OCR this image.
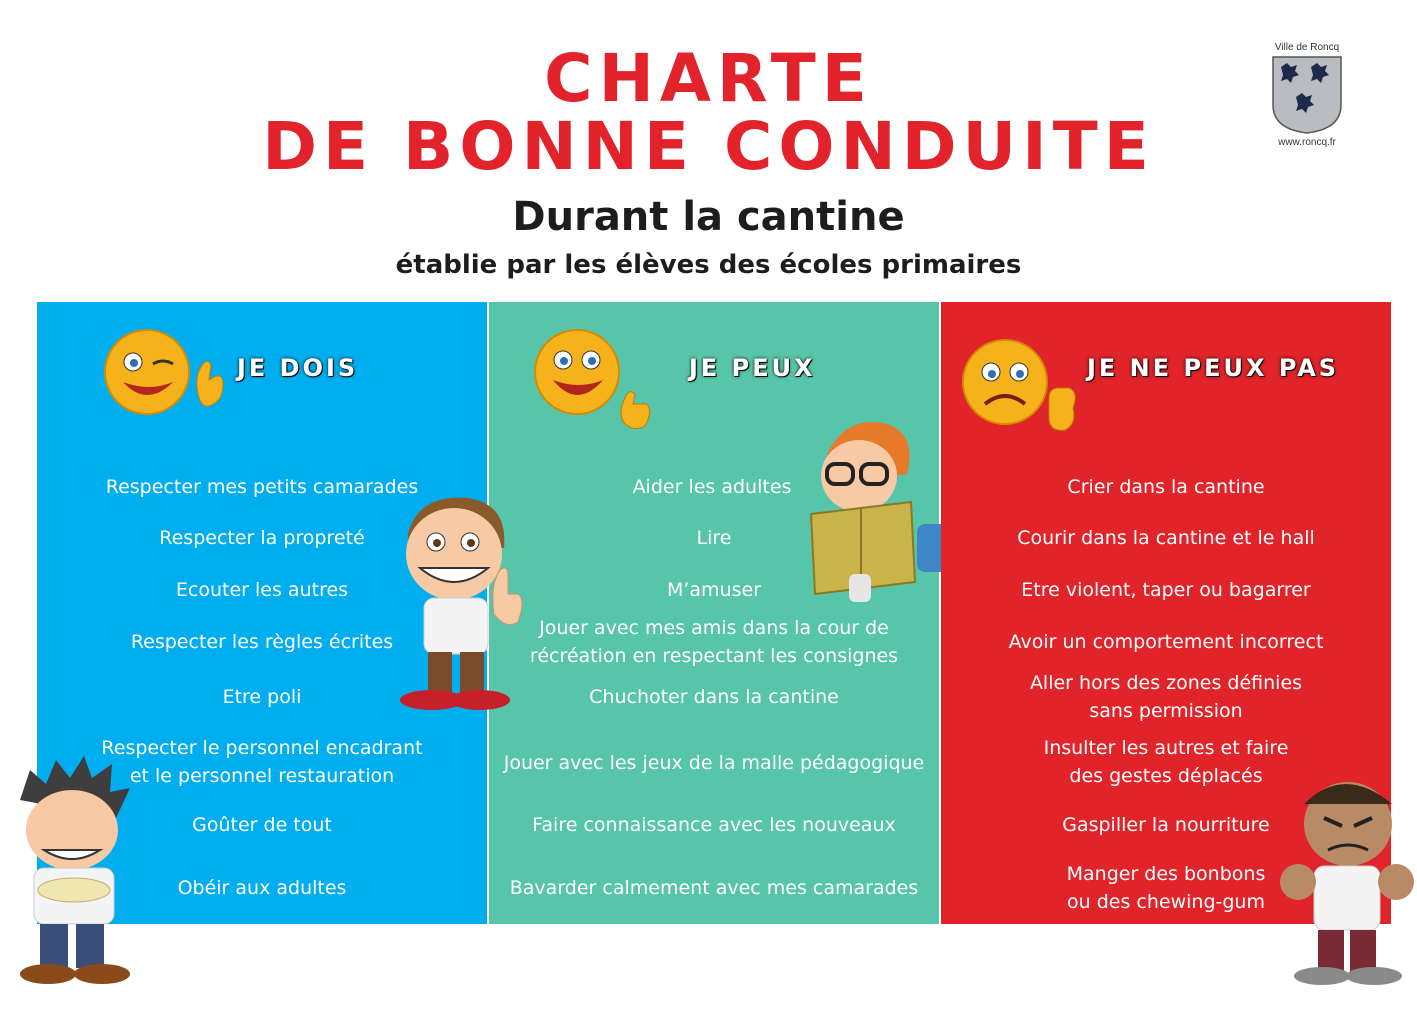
CHARTE
DE BONNE CONDUITE
Durant la cantine
établie par les élèves des écoles primaires
Ville de Roncq
www.roncq.fr
JE DOIS
Respecter mes petits camarades
Respecter la propreté
Ecouter les autres
Respecter les règles écrites
Etre poli
Respecter le personnel encadrant
et le personnel restauration
Goûter de tout
Obéir aux adultes
JE PEUX
Aider les adultes
Lire
M’amuser
Jouer avec mes amis dans la cour de
récréation en respectant les consignes
Chuchoter dans la cantine
Jouer avec les jeux de la malle pédagogique
Faire connaissance avec les nouveaux
Bavarder calmement avec mes camarades
JE NE PEUX PAS
Crier dans la cantine
Courir dans la cantine et le hall
Etre violent, taper ou bagarrer
Avoir un comportement incorrect
Aller hors des zones définies
sans permission
Insulter les autres et faire
des gestes déplacés
Gaspiller la nourriture
Manger des bonbons
ou des chewing-gum
